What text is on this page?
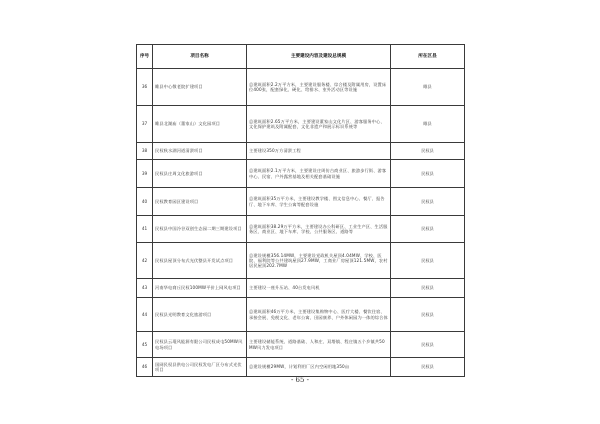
序号	项目名称	主要建设内容及建设总规模	所在区县
36	睢县中心敬老院扩建项目	总建筑面积2.2万平方米，主要建设服务楼、综合楼及附属用房，设置床位400张，配套绿化、硬化、给排水、室外活动区等设施	睢县
37	睢县北湖庙（董家山）文化园项目	总建筑面积2.65万平方米，主要建设董家山文化片区、游客服务中心、文化保护建筑及附属配套，文化非遗产和展示标识系统等	睢县
38	民权秋水湖河道清淤项目	主要建设350万方清淤工程	民权县
39	民权县庄周文化旅游项目	总建筑面积2.1万平方米，主要建设庄周仿古商业区、旅游步行街、游客中心、民宿、户外露营基地及相关配套基础设施	民权县
40	民权教育园区建设项目	总建筑面积35万平方米，主要建设教学楼、图文信息中心、餐厅、报告厅、地下车库、学生公寓等配套设施	民权县
41	民权县中国冷谷双创生态园二期三期建设项目	总建筑面积38.29万平方米，主要建设办公科研区、工业生产区、生活服务区、商业区、地下车库、学校、公共服务区、道路等	民权县
42	民权县屋顶分布式光伏整县开发试点项目	总建设规模356.14MW，主要建设党政机关屋顶4.04MW、学校、医院、福利院等公共建筑屋顶27.9MW，工商业厂房屋顶121.5MW，农村居民屋顶202.7MW	民权县
43	河南华电商丘民权100MW平价上网风电项目	主要建设一座升压站、40台发电风机	民权县
44	民权县光明教育文化旅游项目	总建筑面积46万平方米，主要建设集购物中心、医疗大楼、餐饮住宿、承接会展、免税文化、老年公寓、田园康养、户外休闲园为一体的综合体	民权县
45	民权县云琨风能源有限公司民权成屯50MW风电场项目	主要建设储能系统、道路基础、人和庄、双塔镇、程庄镇五个乡镇共50MW风力发电项目	民权县
46	国网民权县供电公司民权发电厂区分布式光伏项目	总建设规模29MW，计划利用厂区内空闲用地350亩	民权县
- 65 -
